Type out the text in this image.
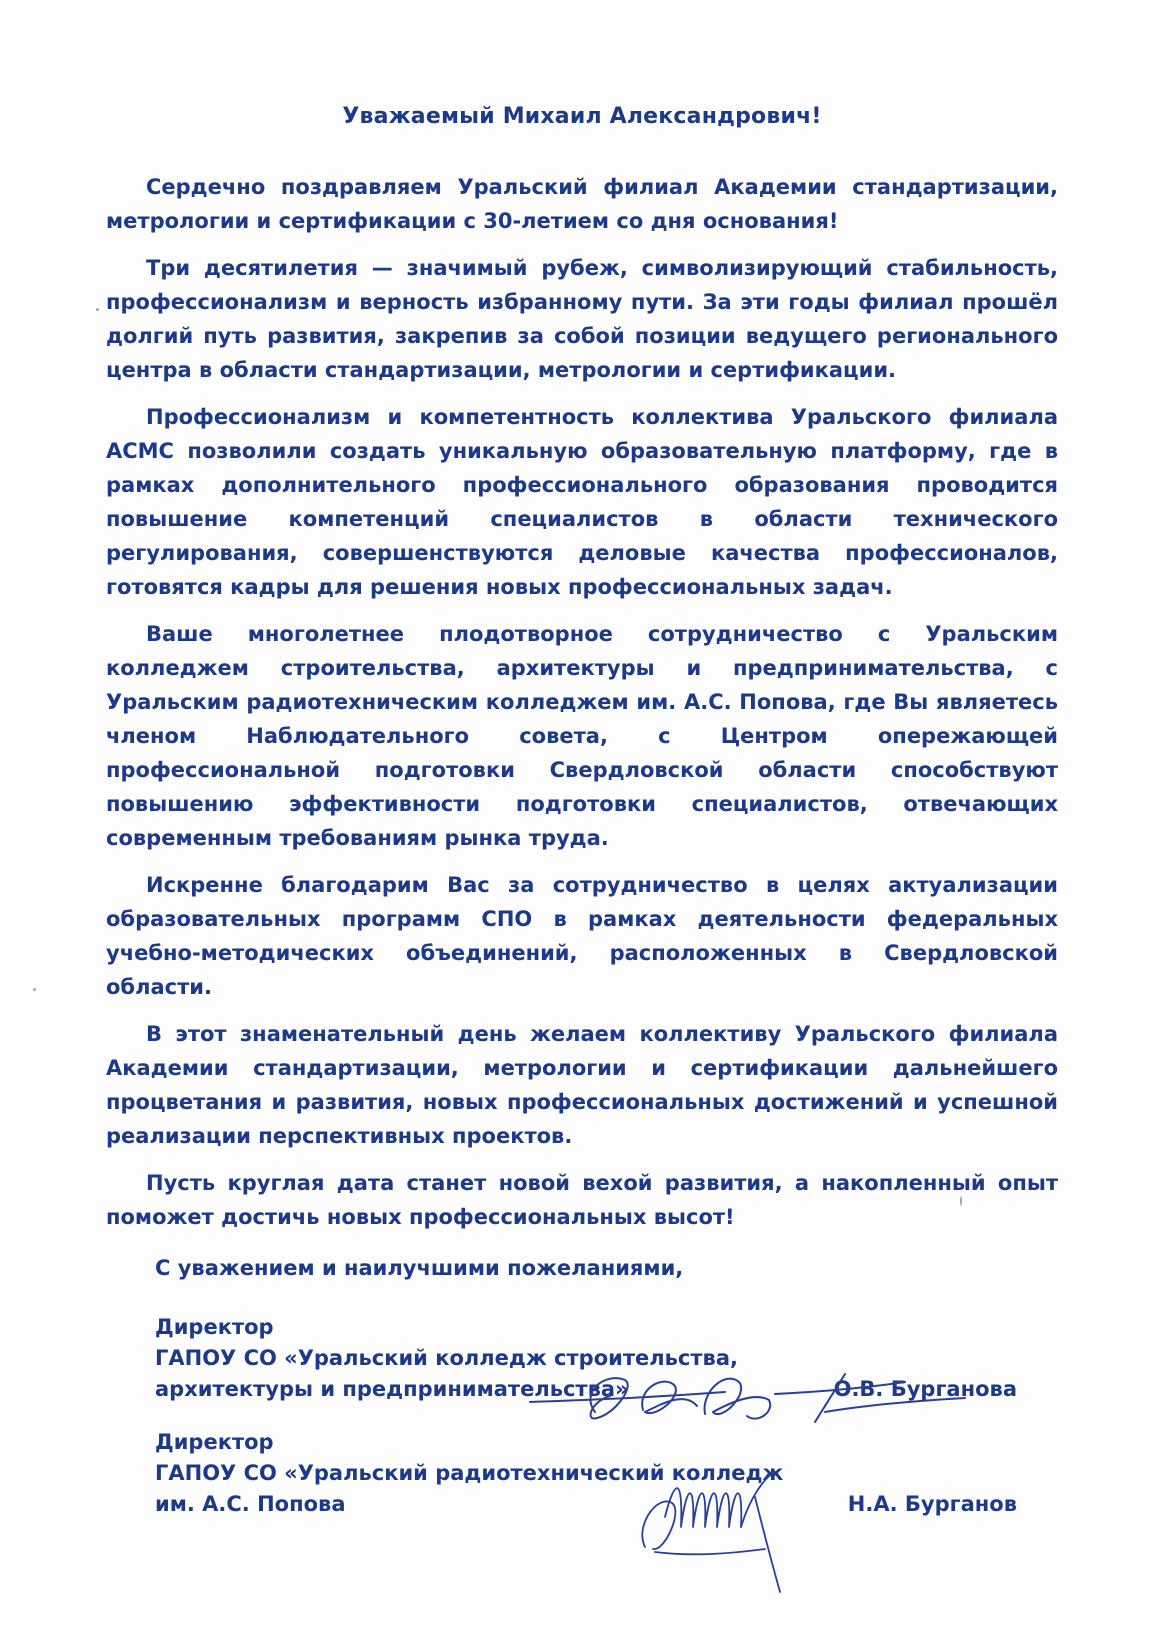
Уважаемый Михаил Александрович!

Сердечно поздравляем Уральский филиал Академии стандартизации, метрологии и сертификации с 30-летием со дня основания!

Три десятилетия — значимый рубеж, символизирующий стабильность, профессионализм и верность избранному пути. За эти годы филиал прошёл долгий путь развития, закрепив за собой позиции ведущего регионального центра в области стандартизации, метрологии и сертификации.

Профессионализм и компетентность коллектива Уральского филиала АСМС позволили создать уникальную образовательную платформу, где в рамках дополнительного профессионального образования проводится повышение компетенций специалистов в области технического регулирования, совершенствуются деловые качества профессионалов, готовятся кадры для решения новых профессиональных задач.

Ваше многолетнее плодотворное сотрудничество с Уральским колледжем строительства, архитектуры и предпринимательства, с Уральским радиотехническим колледжем им. А.С. Попова, где Вы являетесь членом Наблюдательного совета, с Центром опережающей профессиональной подготовки Свердловской области способствуют повышению эффективности подготовки специалистов, отвечающих современным требованиям рынка труда.

Искренне благодарим Вас за сотрудничество в целях актуализации образовательных программ СПО в рамках деятельности федеральных учебно-методических объединений, расположенных в Свердловской области.

В этот знаменательный день желаем коллективу Уральского филиала Академии стандартизации, метрологии и сертификации дальнейшего процветания и развития, новых профессиональных достижений и успешной реализации перспективных проектов.

Пусть круглая дата станет новой вехой развития, а накопленный опыт поможет достичь новых профессиональных высот!

С уважением и наилучшими пожеланиями,
Директор
ГАПОУ СО «Уральский колледж строительства,
архитектуры и предпринимательства»	О.В. Бурганова
Директор
ГАПОУ СО «Уральский радиотехнический колледж
им. А.С. Попова	Н.А. Бурганов
